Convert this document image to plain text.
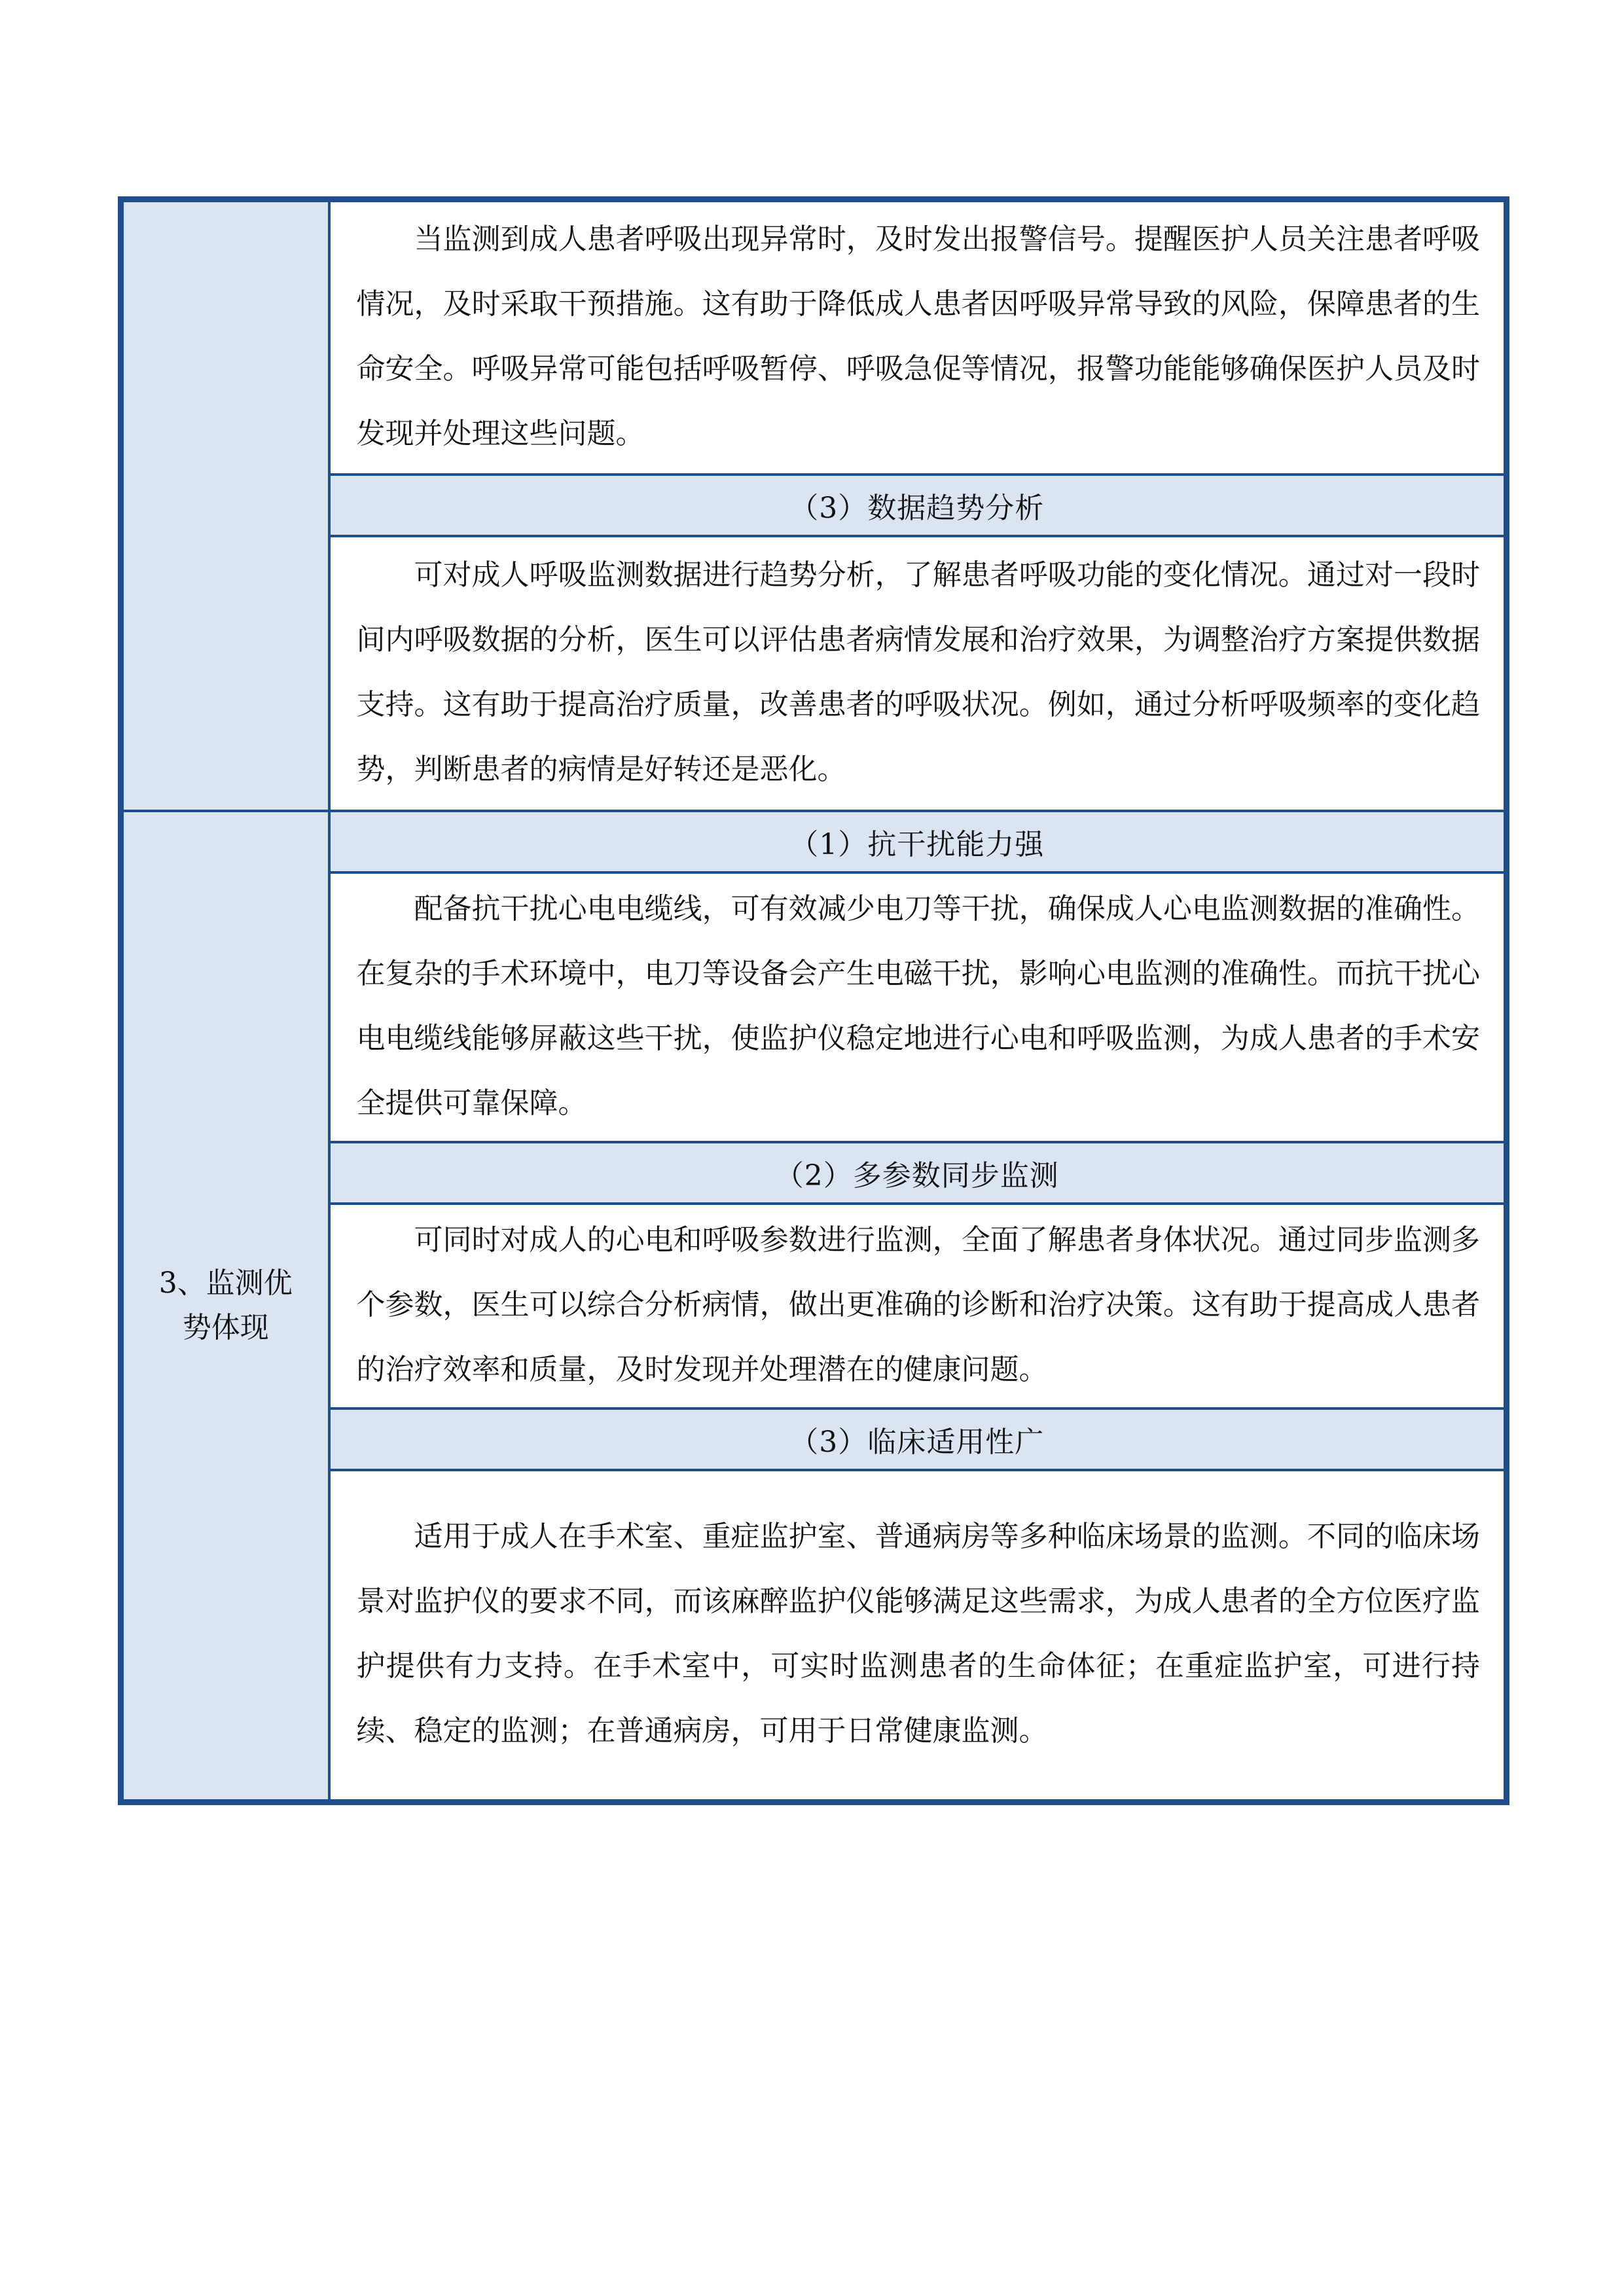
	当监测到成人患者呼吸出现异常时，及时发出报警信号。提醒医护人员关注患者呼吸情况，及时采取干预措施。这有助于降低成人患者因呼吸异常导致的风险，保障患者的生命安全。呼吸异常可能包括呼吸暂停、呼吸急促等情况，报警功能能够确保医护人员及时发现并处理这些问题。

	（3）数据趋势分析

	可对成人呼吸监测数据进行趋势分析，了解患者呼吸功能的变化情况。通过对一段时间内呼吸数据的分析，医生可以评估患者病情发展和治疗效果，为调整治疗方案提供数据支持。这有助于提高治疗质量，改善患者的呼吸状况。例如，通过分析呼吸频率的变化趋势，判断患者的病情是好转还是恶化。

3、监测优势体现	（1）抗干扰能力强

	配备抗干扰心电电缆线，可有效减少电刀等干扰，确保成人心电监测数据的准确性。在复杂的手术环境中，电刀等设备会产生电磁干扰，影响心电监测的准确性。而抗干扰心电电缆线能够屏蔽这些干扰，使监护仪稳定地进行心电和呼吸监测，为成人患者的手术安全提供可靠保障。

	（2）多参数同步监测

	可同时对成人的心电和呼吸参数进行监测，全面了解患者身体状况。通过同步监测多个参数，医生可以综合分析病情，做出更准确的诊断和治疗决策。这有助于提高成人患者的治疗效率和质量，及时发现并处理潜在的健康问题。

	（3）临床适用性广

	适用于成人在手术室、重症监护室、普通病房等多种临床场景的监测。不同的临床场景对监护仪的要求不同，而该麻醉监护仪能够满足这些需求，为成人患者的全方位医疗监护提供有力支持。在手术室中，可实时监测患者的生命体征；在重症监护室，可进行持续、稳定的监测；在普通病房，可用于日常健康监测。
